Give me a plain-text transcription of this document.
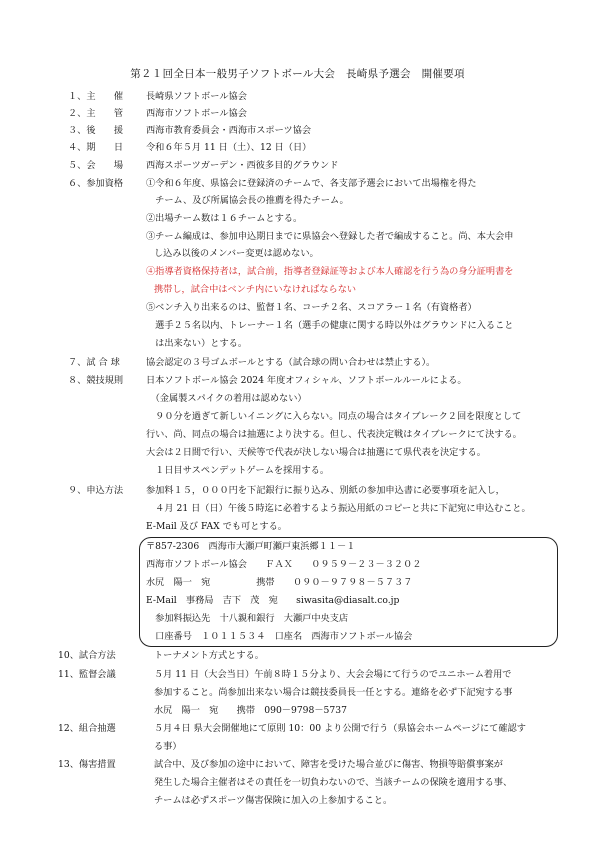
第２１回全日本一般男子ソフトボール大会　長崎県予選会　開催要項
１、主　　催 長崎県ソフトボール協会
２、主　　管 西海市ソフトボール協会
３、後　　援 西海市教育委員会・西海市スポーツ協会
４、期　　日 令和６年５月 11 日（土）、12 日（日）
５、会　　場 西海スポーツガーデン・西彼多目的グラウンド
６、参加資格 ①令和６年度、県協会に登録済のチームで、各支部予選会において出場権を得た
　チーム、及び所属協会長の推薦を得たチーム。
②出場チーム数は１６チームとする。
③チーム編成は、参加申込期日までに県協会へ登録した者で編成すること。尚、本大会申
し込み以後のメンバー変更は認めない。
④指導者資格保持者は，試合前，指導者登録証等および本人確認を行う為の身分証明書を
携帯し，試合中はベンチ内にいなければならない
⑤ベンチ入り出来るのは、監督１名、コーチ２名、スコアラー１名（有資格者）
　選手２５名以内、トレーナー１名（選手の健康に関する時以外はグラウンドに入ること
　は出来ない）とする。
７、試 合 球	協会認定の３号ゴムボールとする（試合球の問い合わせは禁止する）。
８、競技規則 日本ソフトボール協会 2024 年度オフィシャル、ソフトボールルールによる。
　（金属製スパイクの着用は認めない）
　９０分を過ぎて新しいイニングに入らない。同点の場合はタイブレーク２回を限度として
行い、尚、同点の場合は抽選により決する。但し、代表決定戦はタイブレークにて決する。
大会は２日間で行い、天候等で代表が決しない場合は抽選にて県代表を決定する。
　１日目サスペンデットゲームを採用する。
９、申込方法 参加料１５，０００円を下記銀行に振り込み、別紙の参加申込書に必要事項を記入し，
　４月 21 日（日）午後５時迄に必着するよう振込用紙のコピーと共に下記宛に申込むこと。
E-Mail 及び FAX でも可とする。
〒857-2306　西海市大瀬戸町瀬戸東浜郷１１－１
西海市ソフトボール協会　　ＦＡＸ　　０９５９－２３－３２０２
水尻　陽一　宛　　　　　携帯　　０９０－９７９８－５７３７
E-Mail　事務局　吉下　茂　宛　　siwasita@diasalt.co.jp
　参加料振込先　十八親和銀行　大瀬戸中央支店
　口座番号　１０１１５３４　口座名　西海市ソフトボール協会
10、試合方法	トーナメント方式とする。
11、監督会議	５月 11 日（大会当日）午前８時１５分より、大会会場にて行うのでユニホーム着用で
参加すること。尚参加出来ない場合は競技委員長一任とする。連絡を必ず下記宛する事
水尻　陽一　宛　　携帯　090－9798－5737
12、組合抽選	５月４日 県大会開催地にて原則 10：00 より公開で行う（県協会ホームページにて確認す
る事）
13、傷害措置	試合中、及び参加の途中において、障害を受けた場合並びに傷害、物損等賠償事案が
発生した場合主催者はその責任を一切負わないので、当該チームの保険を適用する事、
チームは必ずスポーツ傷害保険に加入の上参加すること。
